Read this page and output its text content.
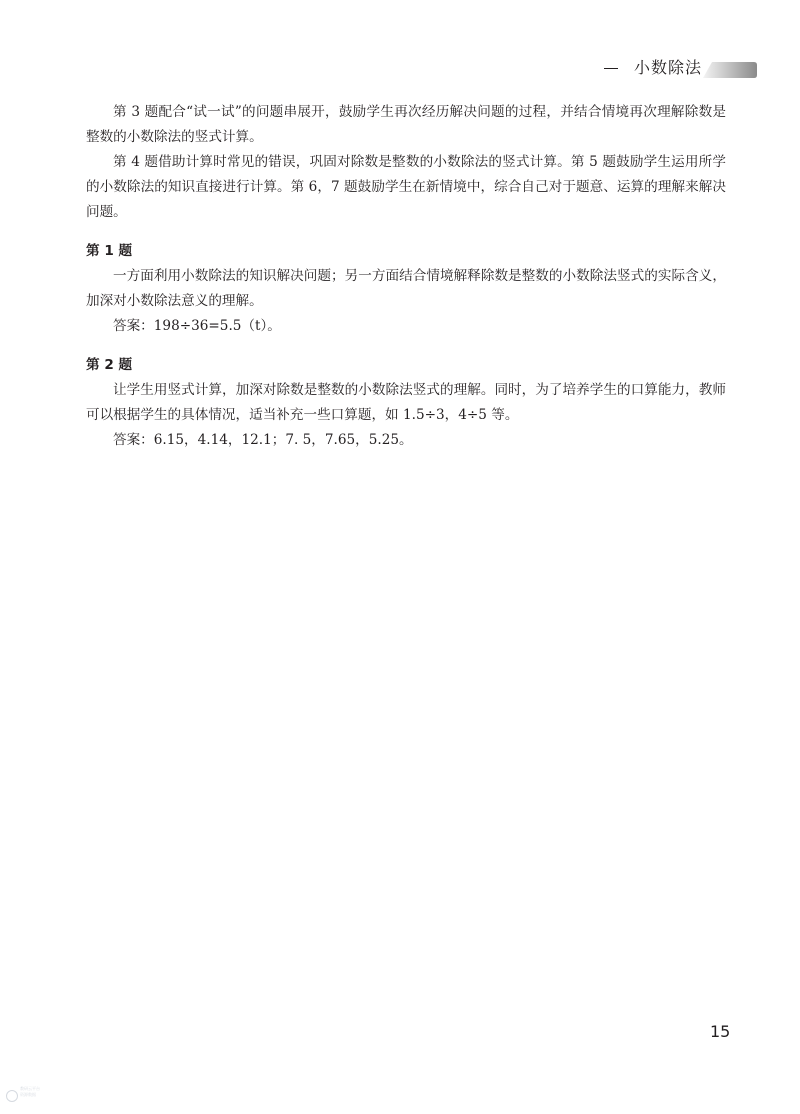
小数除法

第 3 题配合“试一试”的问题串展开，鼓励学生再次经历解决问题的过程，并结合情境再次理解除数是整数的小数除法的竖式计算。

第 4 题借助计算时常见的错误，巩固对除数是整数的小数除法的竖式计算。第 5 题鼓励学生运用所学的小数除法的知识直接进行计算。第 6，7 题鼓励学生在新情境中，综合自己对于题意、运算的理解来解决问题。

第 1 题

一方面利用小数除法的知识解决问题；另一方面结合情境解释除数是整数的小数除法竖式的实际含义，加深对小数除法意义的理解。

答案：198÷36=5.5（t）。

第 2 题

让学生用竖式计算，加深对除数是整数的小数除法竖式的理解。同时，为了培养学生的口算能力，教师可以根据学生的具体情况，适当补充一些口算题，如 1.5÷3，4÷5 等。

答案：6.15，4.14，12.1；7. 5，7.65，5.25。

15
教研云平台
资源数据
